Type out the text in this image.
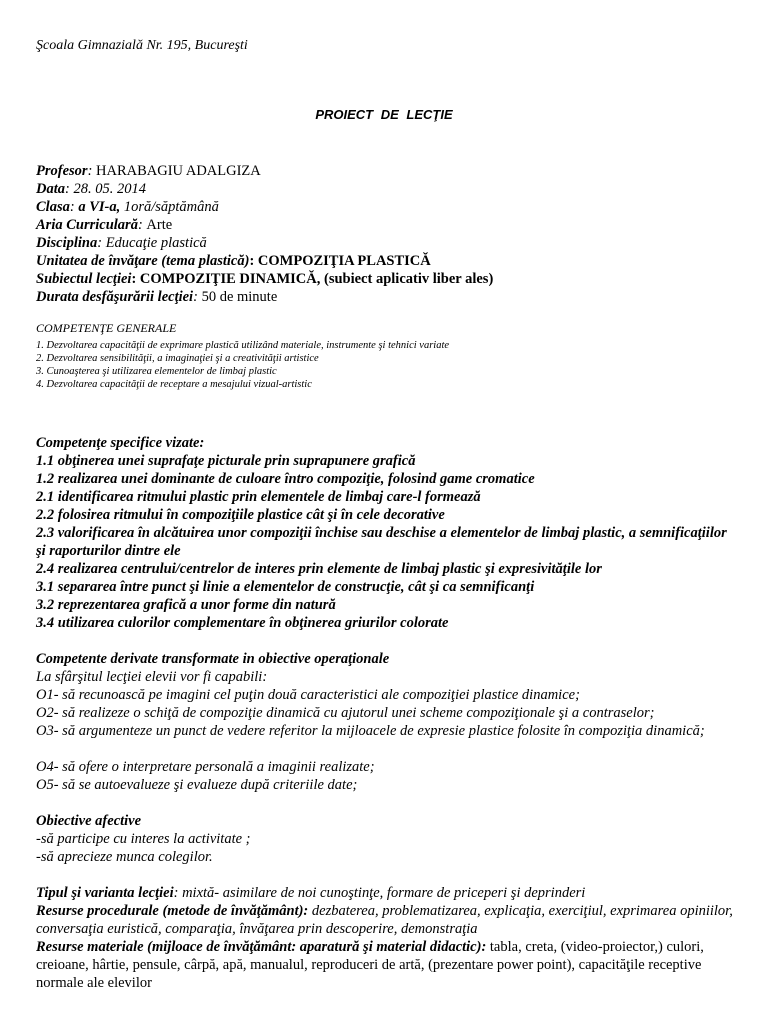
Şcoala Gimnazială Nr. 195, Bucureşti
PROIECT DE LECŢIE
Profesor: HARABAGIU ADALGIZA
Data: 28. 05. 2014
Clasa: a VI-a, 1oră/săptămână
Aria Curriculară: Arte
Disciplina: Educaţie plastică
Unitatea de învăţare (tema plastică): COMPOZIŢIA PLASTICĂ
Subiectul lecţiei: COMPOZIŢIE DINAMICĂ, (subiect aplicativ liber ales)
Durata desfăşurării lecţiei: 50 de minute
COMPETENŢE GENERALE
1. Dezvoltarea capacităţii de exprimare plastică utilizând materiale, instrumente şi tehnici variate
2. Dezvoltarea sensibilităţii, a imaginaţiei şi a creativităţii artistice
3. Cunoaşterea şi utilizarea elementelor de limbaj plastic
4. Dezvoltarea capacităţii de receptare a mesajului vizual-artistic
Competenţe specifice vizate:
1.1 obţinerea unei suprafaţe picturale prin suprapunere grafică
1.2 realizarea unei dominante de culoare întro compoziţie, folosind game cromatice
2.1 identificarea ritmului plastic prin elementele de limbaj care-l formează
2.2 folosirea ritmului în compoziţiile plastice cât şi în cele decorative
2.3 valorificarea în alcătuirea unor compoziţii închise sau deschise a elementelor de limbaj plastic, a semnificaţiilor şi raporturilor dintre ele
2.4 realizarea centrului/centrelor de interes prin elemente de limbaj plastic şi expresivităţile lor
3.1 separarea între punct şi linie a elementelor de construcţie, cât şi ca semnificanţi
3.2 reprezentarea grafică a unor forme din natură
3.4 utilizarea culorilor complementare în obţinerea griurilor colorate
Competente derivate transformate in obiective operaţionale
La sfârşitul lecţiei elevii vor fi capabili:
O1- să recunoască pe imagini cel puţin două caracteristici ale compoziţiei plastice dinamice;
O2- să realizeze o schiţă de compoziţie dinamică cu ajutorul unei scheme compoziţionale şi a contraselor;
O3- să argumenteze un punct de vedere referitor la mijloacele de expresie plastice folosite în compoziţia dinamică;
O4- să ofere o interpretare personală a imaginii realizate;
O5- să se autoevalueze şi evalueze după criteriile date;
Obiective afective
-să participe cu interes la activitate ;
-să aprecieze munca colegilor.
Tipul şi varianta lecţiei: mixtă- asimilare de noi cunoştinţe, formare de priceperi şi deprinderi
Resurse procedurale (metode de învăţământ): dezbaterea, problematizarea, explicaţia, exerciţiul, exprimarea opiniilor, conversaţia euristică, comparaţia, învăţarea prin descoperire, demonstraţia
Resurse materiale (mijloace de învăţământ: aparatură şi material didactic): tabla, creta, (video-proiector,) culori, creioane, hârtie, pensule, cârpă, apă, manualul, reproduceri de artă, (prezentare power point), capacităţile receptive normale ale elevilor
